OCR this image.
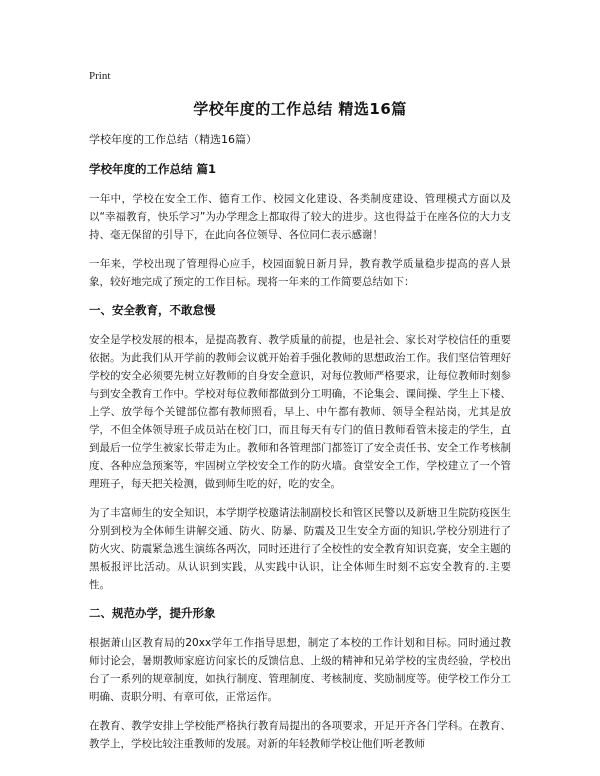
Print
学校年度的工作总结 精选16篇

学校年度的工作总结（精选16篇）

学校年度的工作总结 篇1

一年中，学校在安全工作、德育工作、校园文化建设、各类制度建设、管理模式方面以及以“幸福教育，快乐学习”为办学理念上都取得了较大的进步。这也得益于在座各位的大力支持、毫无保留的引导下，在此向各位领导、各位同仁表示感谢！

一年来，学校出现了管理得心应手，校园面貌日新月异，教育教学质量稳步提高的喜人景象，较好地完成了预定的工作目标。现将一年来的工作简要总结如下：

一、安全教育，不敢怠慢

安全是学校发展的根本，是提高教育、教学质量的前提，也是社会、家长对学校信任的重要依据。为此我们从开学前的教师会议就开始着手强化教师的思想政治工作。我们坚信管理好学校的安全必须要先树立好教师的自身安全意识，对每位教师严格要求，让每位教师时刻参与到安全教育工作中。学校对每位教师都做到分工明确，不论集会、课间操、学生上下楼、上学、放学每个关键部位都有教师照看，早上、中午都有教师、领导全程站岗，尤其是放学，不但全体领导班子成员站在校门口，而且每天有专门的值日教师看管未接走的学生，直到最后一位学生被家长带走为止。教师和各管理部门都签订了安全责任书、安全工作考核制度、各种应急预案等，牢固树立学校安全工作的防火墙。食堂安全工作，学校建立了一个管理班子，每天把关检测，做到师生吃的好，吃的安全。

为了丰富师生的安全知识，本学期学校邀请法制副校长和管区民警以及新塘卫生院防疫医生分别到校为全体师生讲解交通、防火、防暴、防震及卫生安全方面的知识,学校分别进行了防火灾、防震紧急逃生演练各两次，同时还进行了全校性的安全教育知识竞赛，安全主题的黑板报评比活动。从认识到实践，从实践中认识，让全体师生时刻不忘安全教育的.主要性。

二、规范办学，提升形象

根据萧山区教育局的20xx学年工作指导思想，制定了本校的工作计划和目标。同时通过教师讨论会，暑期教师家庭访问家长的反馈信息、上级的精神和兄弟学校的宝贵经验，学校出台了一系列的规章制度，如执行制度、管理制度、考核制度、奖励制度等。使学校工作分工明确、责职分明、有章可依，正常运作。

在教育、教学安排上学校能严格执行教育局提出的各项要求，开足开齐各门学科。在教育、教学上，学校比较注重教师的发展。对新的年轻教师学校让他们听老教师
